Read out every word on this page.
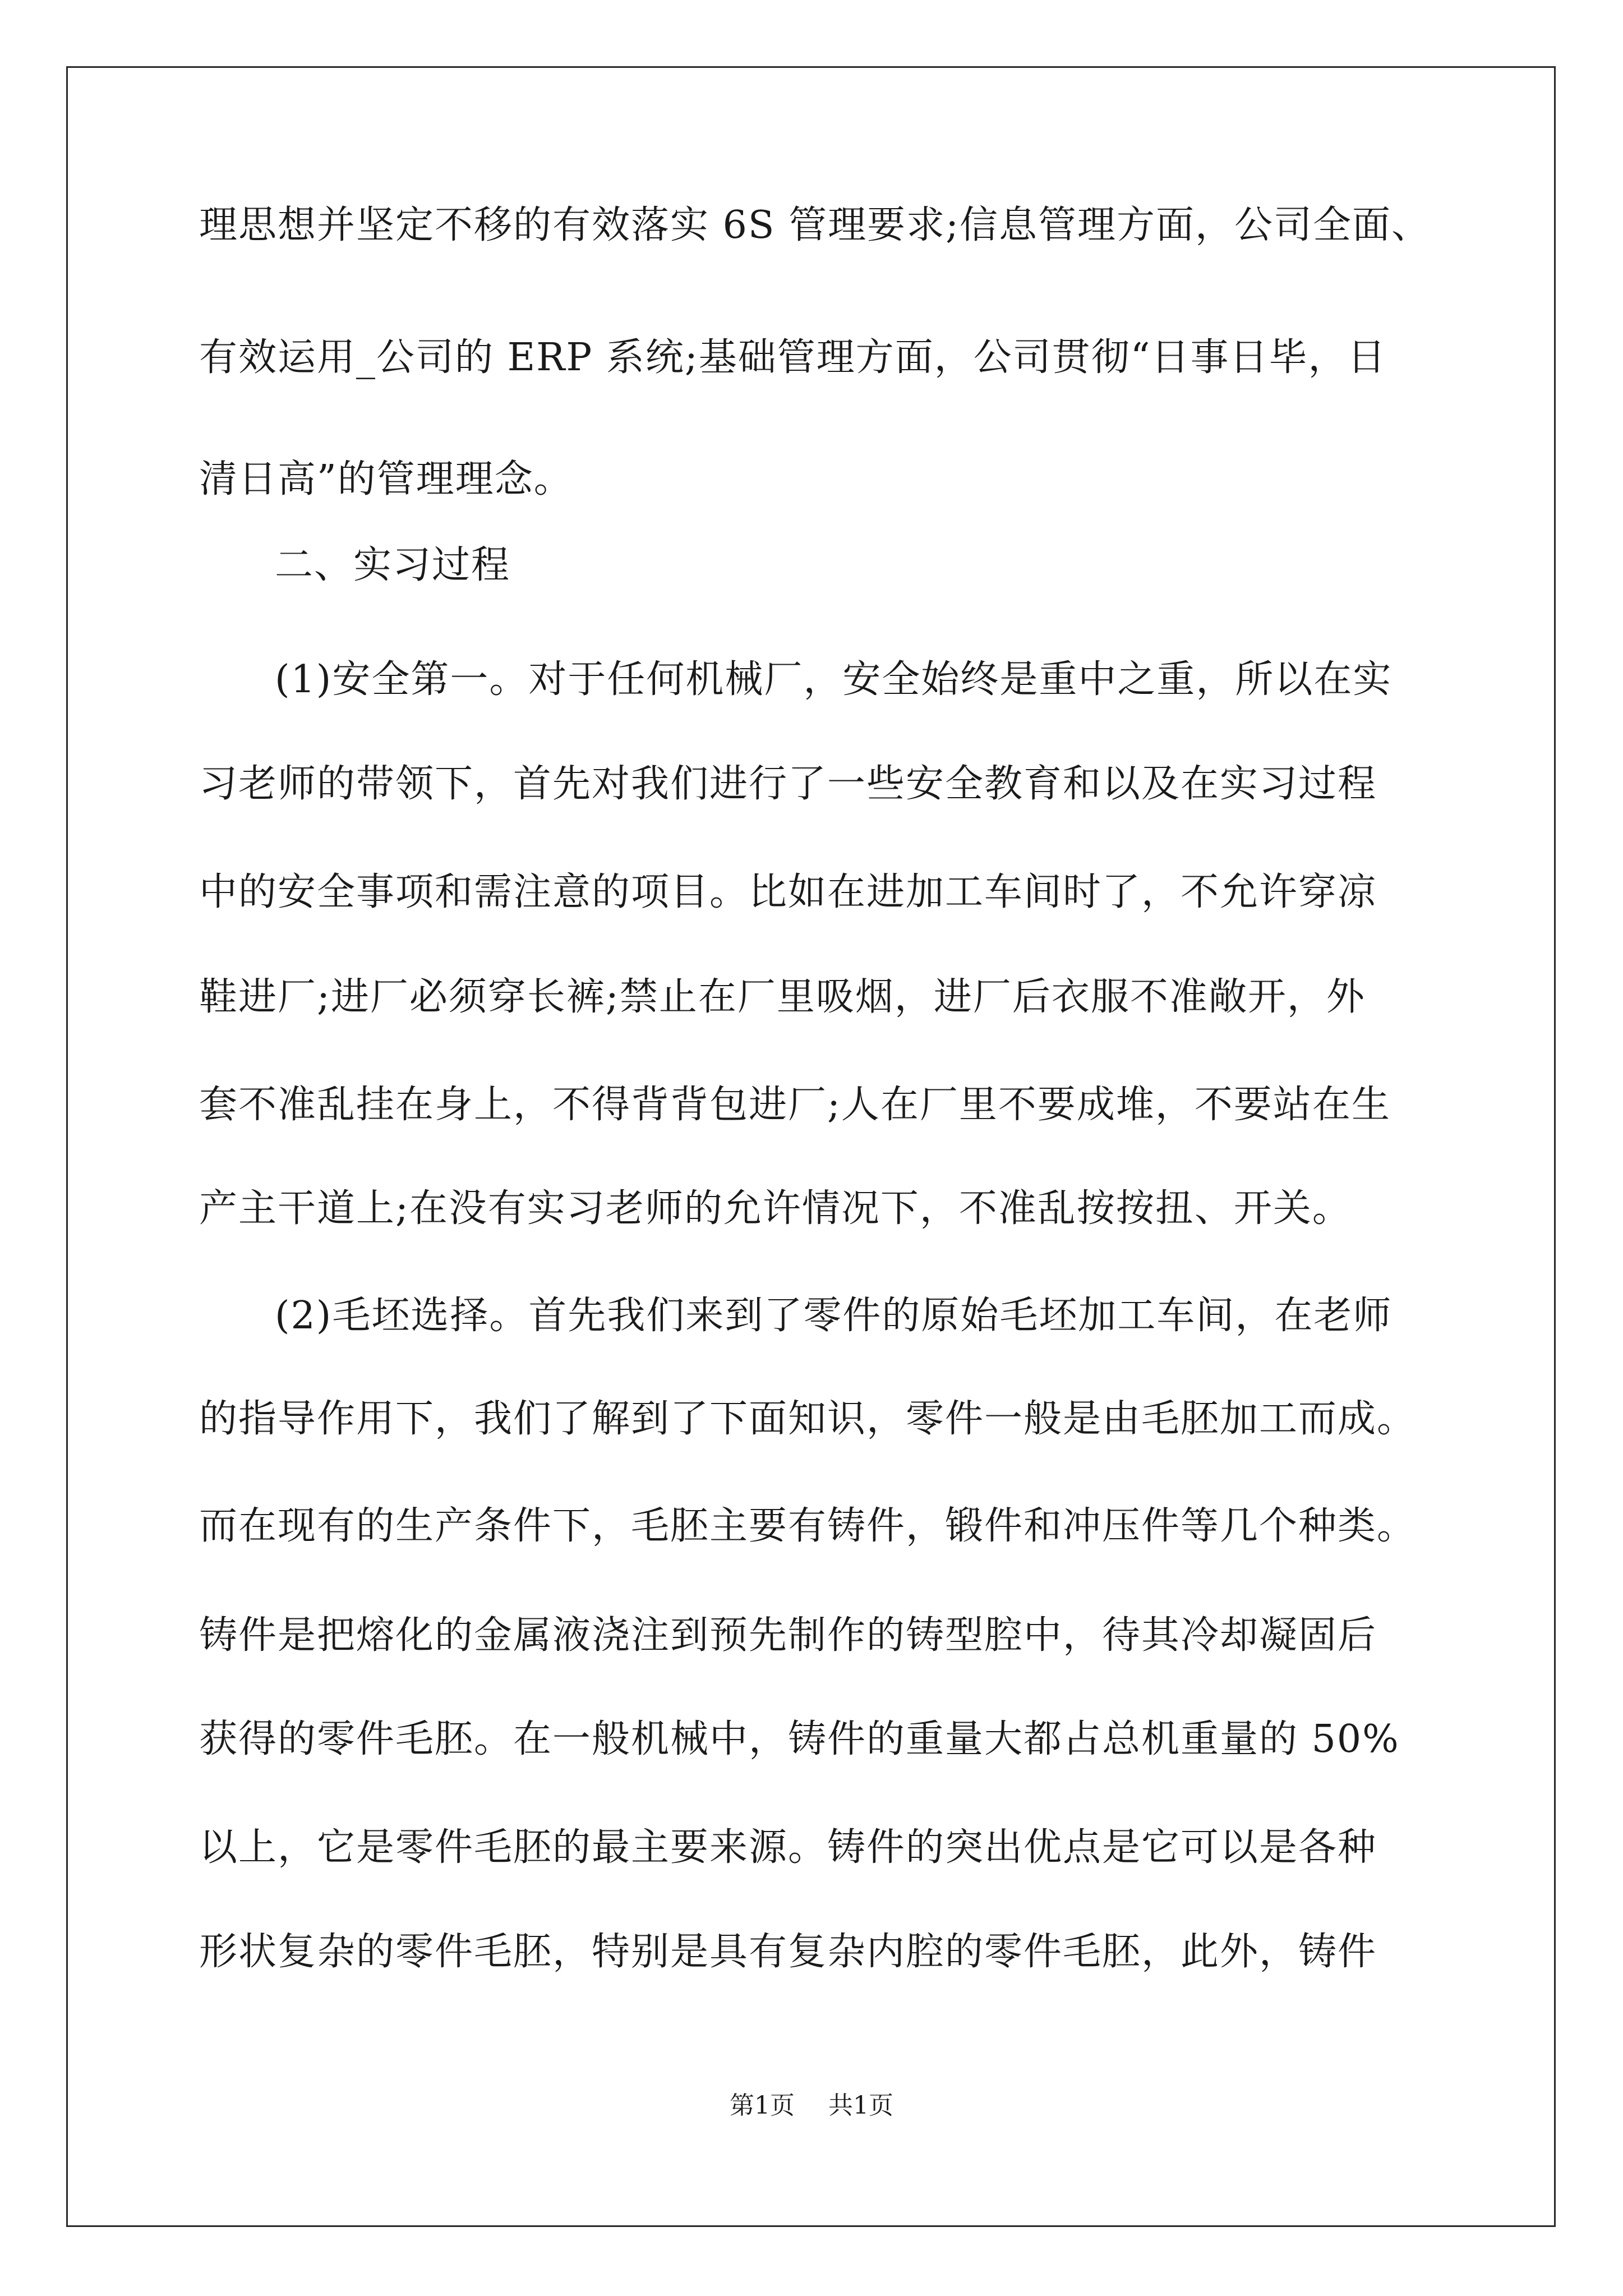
理思想并坚定不移的有效落实 6S 管理要求;信息管理方面，公司全面、
有效运用_公司的 ERP 系统;基础管理方面，公司贯彻“日事日毕，日
清日高”的管理理念。
二、实习过程
(1)安全第一。对于任何机械厂，安全始终是重中之重，所以在实
习老师的带领下，首先对我们进行了一些安全教育和以及在实习过程
中的安全事项和需注意的项目。比如在进加工车间时了，不允许穿凉
鞋进厂;进厂必须穿长裤;禁止在厂里吸烟，进厂后衣服不准敞开，外
套不准乱挂在身上，不得背背包进厂;人在厂里不要成堆，不要站在生
产主干道上;在没有实习老师的允许情况下，不准乱按按扭、开关。
(2)毛坯选择。首先我们来到了零件的原始毛坯加工车间，在老师
的指导作用下，我们了解到了下面知识，零件一般是由毛胚加工而成。
而在现有的生产条件下，毛胚主要有铸件，锻件和冲压件等几个种类。
铸件是把熔化的金属液浇注到预先制作的铸型腔中，待其冷却凝固后
获得的零件毛胚。在一般机械中，铸件的重量大都占总机重量的 50%
以上，它是零件毛胚的最主要来源。铸件的突出优点是它可以是各种
形状复杂的零件毛胚，特别是具有复杂内腔的零件毛胚，此外，铸件
第1页 共1页
